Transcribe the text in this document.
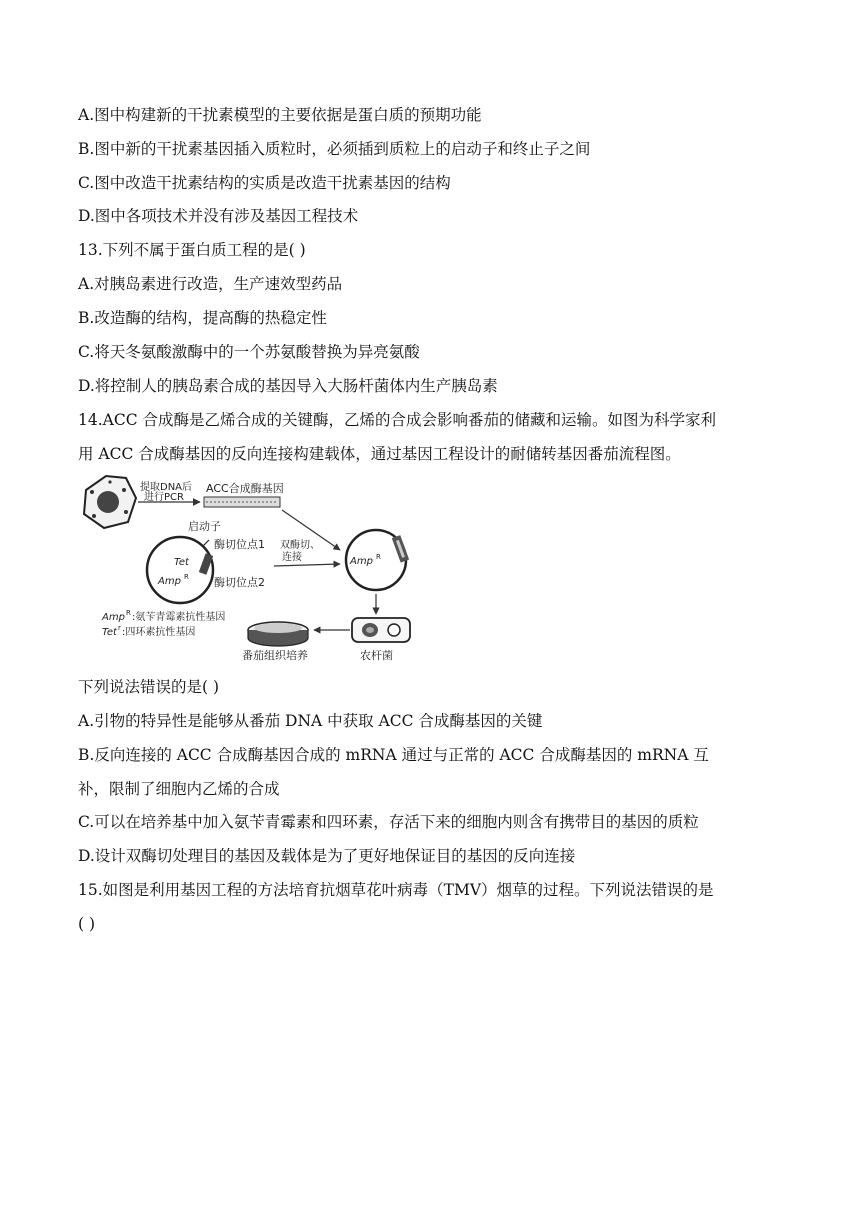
A.图中构建新的干扰素模型的主要依据是蛋白质的预期功能
B.图中新的干扰素基因插入质粒时，必须插到质粒上的启动子和终止子之间
C.图中改造干扰素结构的实质是改造干扰素基因的结构
D.图中各项技术并没有涉及基因工程技术
13.下列不属于蛋白质工程的是( )
A.对胰岛素进行改造，生产速效型药品
B.改造酶的结构，提高酶的热稳定性
C.将天冬氨酸激酶中的一个苏氨酸替换为异亮氨酸
D.将控制人的胰岛素合成的基因导入大肠杆菌体内生产胰岛素
14.ACC 合成酶是乙烯合成的关键酶，乙烯的合成会影响番茄的储藏和运输。如图为科学家利
用 ACC 合成酶基因的反向连接构建载体，通过基因工程设计的耐储转基因番茄流程图。
提取DNA后
进行PCR
ACC合成酶基因
启动子
Tet
Amp R
酶切位点1
酶切位点2
双酶切、
连接	Amp R
农杆菌
番茄组织培养
Amp R :氨苄青霉素抗性基因
Tet r :四环素抗性基因
下列说法错误的是( )
A.引物的特异性是能够从番茄 DNA 中获取 ACC 合成酶基因的关键
B.反向连接的 ACC 合成酶基因合成的 mRNA 通过与正常的 ACC 合成酶基因的 mRNA 互
补，限制了细胞内乙烯的合成
C.可以在培养基中加入氨苄青霉素和四环素，存活下来的细胞内则含有携带目的基因的质粒
D.设计双酶切处理目的基因及载体是为了更好地保证目的基因的反向连接
15.如图是利用基因工程的方法培育抗烟草花叶病毒（TMV）烟草的过程。下列说法错误的是
( )
